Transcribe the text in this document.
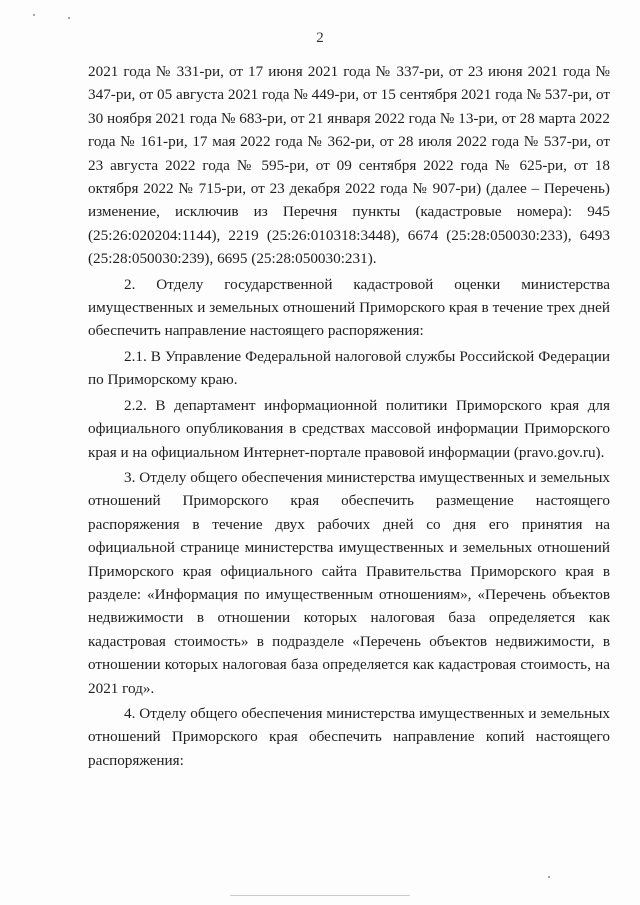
2

2021 года № 331-ри, от 17 июня 2021 года № 337-ри, от 23 июня 2021 года № 347-ри, от 05 августа 2021 года № 449-ри, от 15 сентября 2021 года № 537-ри, от 30 ноября 2021 года № 683-ри, от 21 января 2022 года № 13-ри, от 28 марта 2022 года № 161-ри, 17 мая 2022 года № 362-ри, от 28 июля 2022 года № 537-ри, от 23 августа 2022 года № 595-ри, от 09 сентября 2022 года № 625-ри, от 18 октября 2022 № 715-ри, от 23 декабря 2022 года № 907-ри) (далее – Перечень) изменение, исключив из Перечня пункты (кадастровые номера): 945 (25:26:020204:1144), 2219 (25:26:010318:3448), 6674 (25:28:050030:233), 6493 (25:28:050030:239), 6695 (25:28:050030:231).

2. Отделу государственной кадастровой оценки министерства имущественных и земельных отношений Приморского края в течение трех дней обеспечить направление настоящего распоряжения:

2.1. В Управление Федеральной налоговой службы Российской Федерации по Приморскому краю.

2.2. В департамент информационной политики Приморского края для официального опубликования в средствах массовой информации Приморского края и на официальном Интернет-портале правовой информации (pravo.gov.ru).

3. Отделу общего обеспечения министерства имущественных и земельных отношений Приморского края обеспечить размещение настоящего распоряжения в течение двух рабочих дней со дня его принятия на официальной странице министерства имущественных и земельных отношений Приморского края официального сайта Правительства Приморского края в разделе: «Информация по имущественным отношениям», «Перечень объектов недвижимости в отношении которых налоговая база определяется как кадастровая стоимость» в подразделе «Перечень объектов недвижимости, в отношении которых налоговая база определяется как кадастровая стоимость, на 2021 год».

4. Отделу общего обеспечения министерства имущественных и земельных отношений Приморского края обеспечить направление копий настоящего распоряжения:
